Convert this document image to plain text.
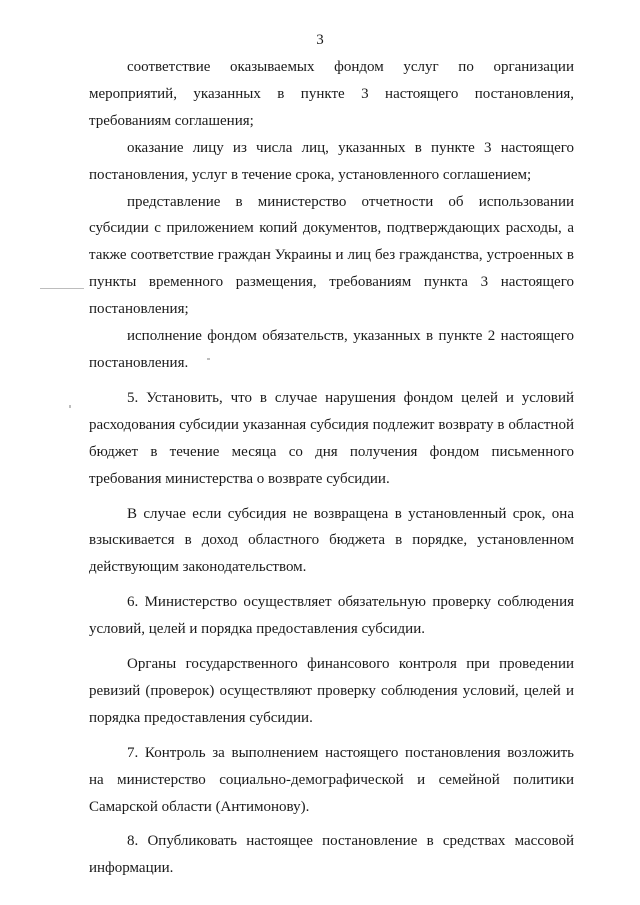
3

соответствие оказываемых фондом услуг по организации мероприятий, указанных в пункте 3 настоящего постановления, требованиям соглашения;

оказание лицу из числа лиц, указанных в пункте 3 настоящего постановления, услуг в течение срока, установленного соглашением;

представление в министерство отчетности об использовании субсидии с приложением копий документов, подтверждающих расходы, а также соответствие граждан Украины и лиц без гражданства, устроенных в пункты временного размещения, требованиям пункта 3 настоящего постановления;

исполнение фондом обязательств, указанных в пункте 2 настоящего постановления.

5. Установить, что в случае нарушения фондом целей и условий расходования субсидии указанная субсидия подлежит возврату в областной бюджет в течение месяца со дня получения фондом письменного требования министерства о возврате субсидии.

В случае если субсидия не возвращена в установленный срок, она взыскивается в доход областного бюджета в порядке, установленном действующим законодательством.

6. Министерство осуществляет обязательную проверку соблюдения условий, целей и порядка предоставления субсидии.

Органы государственного финансового контроля при проведении ревизий (проверок) осуществляют проверку соблюдения условий, целей и порядка предоставления субсидии.

7. Контроль за выполнением настоящего постановления возложить на министерство социально-демографической и семейной политики Самарской области (Антимонову).

8. Опубликовать настоящее постановление в средствах массовой информации.
